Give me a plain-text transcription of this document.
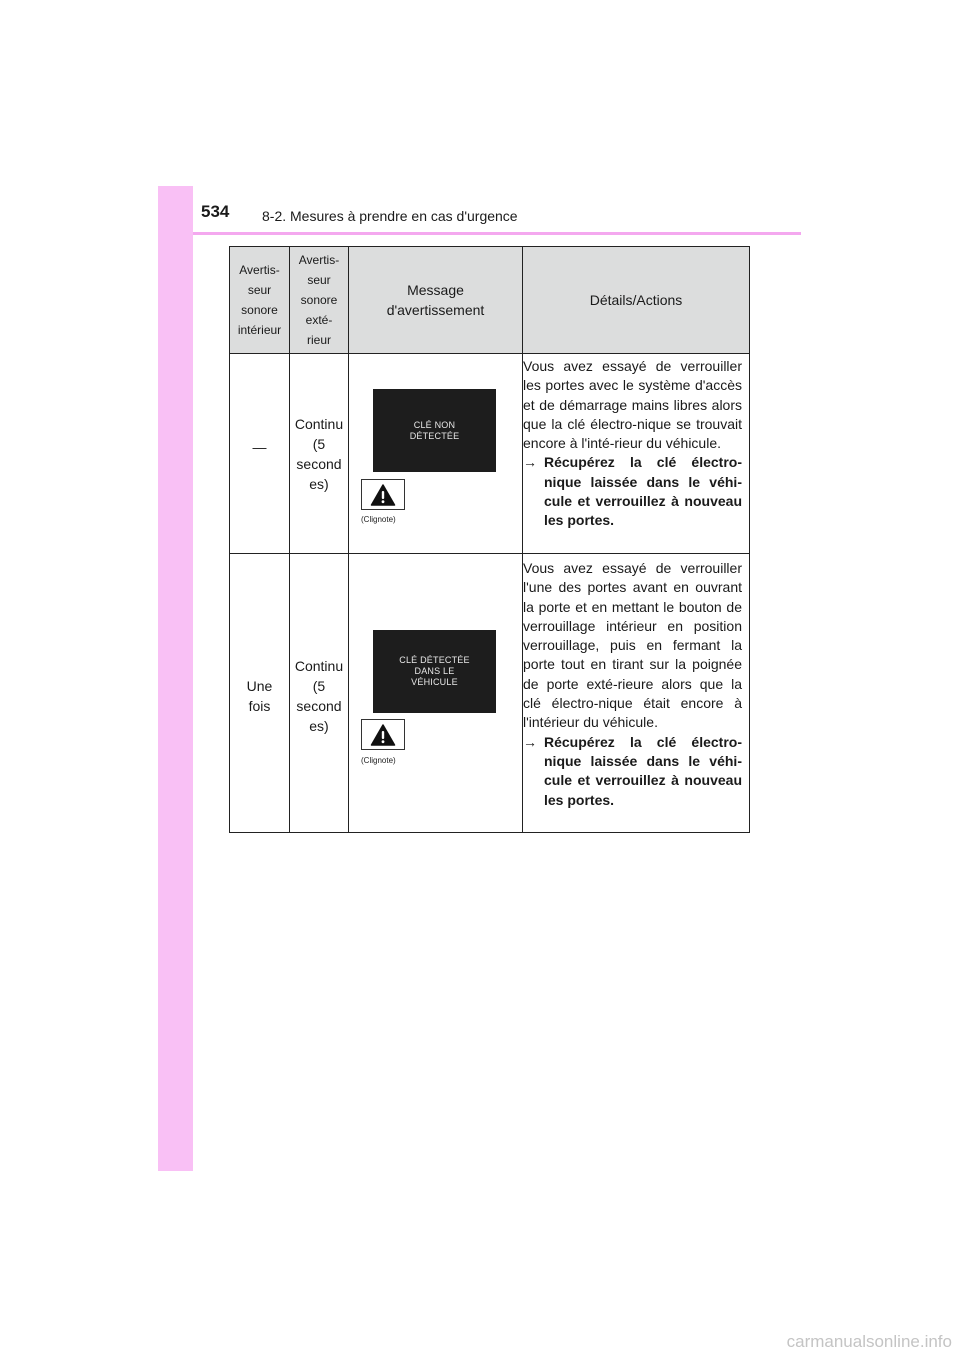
534 8-2. Mesures à prendre en cas d'urgence
Avertis-
seur
sonore
intérieur
Avertis-
seur
sonore
exté-
rieur
Message
d'avertissement
Détails/Actions
—
Continu
(5
second
es)
CLÉ NON
DÉTECTÉE
(Clignote)

Vous avez essayé de verrouiller les portes avec le système d'accès et de démarrage mains libres alors que la clé électro-nique se trouvait encore à l'inté-rieur du véhicule.

→ Récupérez la clé électro-nique laissée dans le véhi-cule et verrouillez à nouveau les portes.
Une
fois
Continu
(5
second
es)
CLÉ DÉTECTÉE
DANS LE
VÉHICULE
(Clignote)

Vous avez essayé de verrouiller l'une des portes avant en ouvrant la porte et en mettant le bouton de verrouillage intérieur en position verrouillage, puis en fermant la porte tout en tirant sur la poignée de porte exté-rieure alors que la clé électro-nique était encore à l'intérieur du véhicule.

→ Récupérez la clé électro-nique laissée dans le véhi-cule et verrouillez à nouveau les portes.
carmanualsonline.info
